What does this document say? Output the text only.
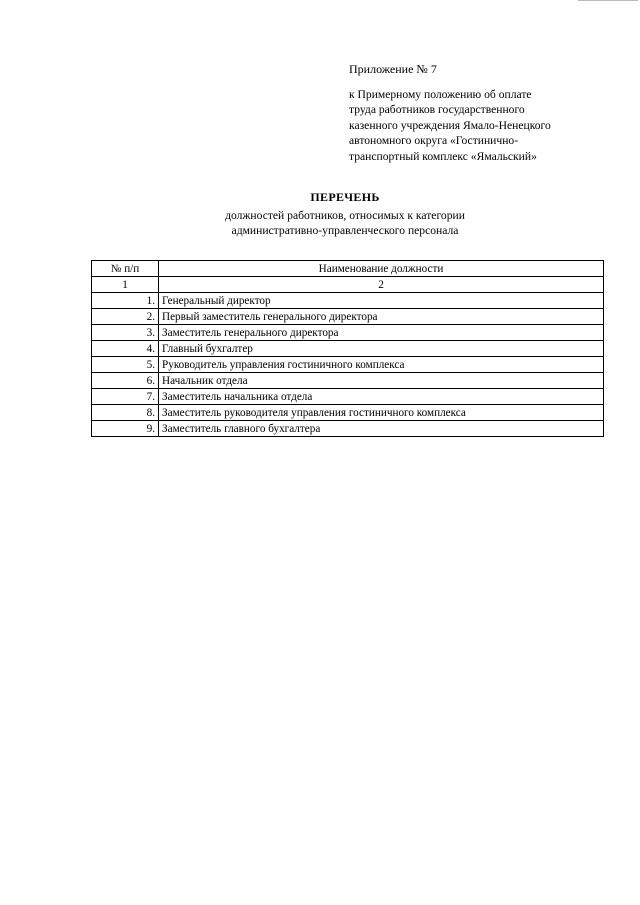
Приложение № 7
к Примерному положению об оплате
труда работников государственного
казенного учреждения Ямало-Ненецкого
автономного округа «Гостинично-
транспортный комплекс «Ямальский»
ПЕРЕЧЕНЬ
должностей работников, относимых к категории
административно-управленческого персонала
№ п/п	Наименование должности
1	2
1.	Генеральный директор
2.	Первый заместитель генерального директора
3.	Заместитель генерального директора
4.	Главный бухгалтер
5.	Руководитель управления гостиничного комплекса
6.	Начальник отдела
7.	Заместитель начальника отдела
8.	Заместитель руководителя управления гостиничного комплекса
9.	Заместитель главного бухгалтера
